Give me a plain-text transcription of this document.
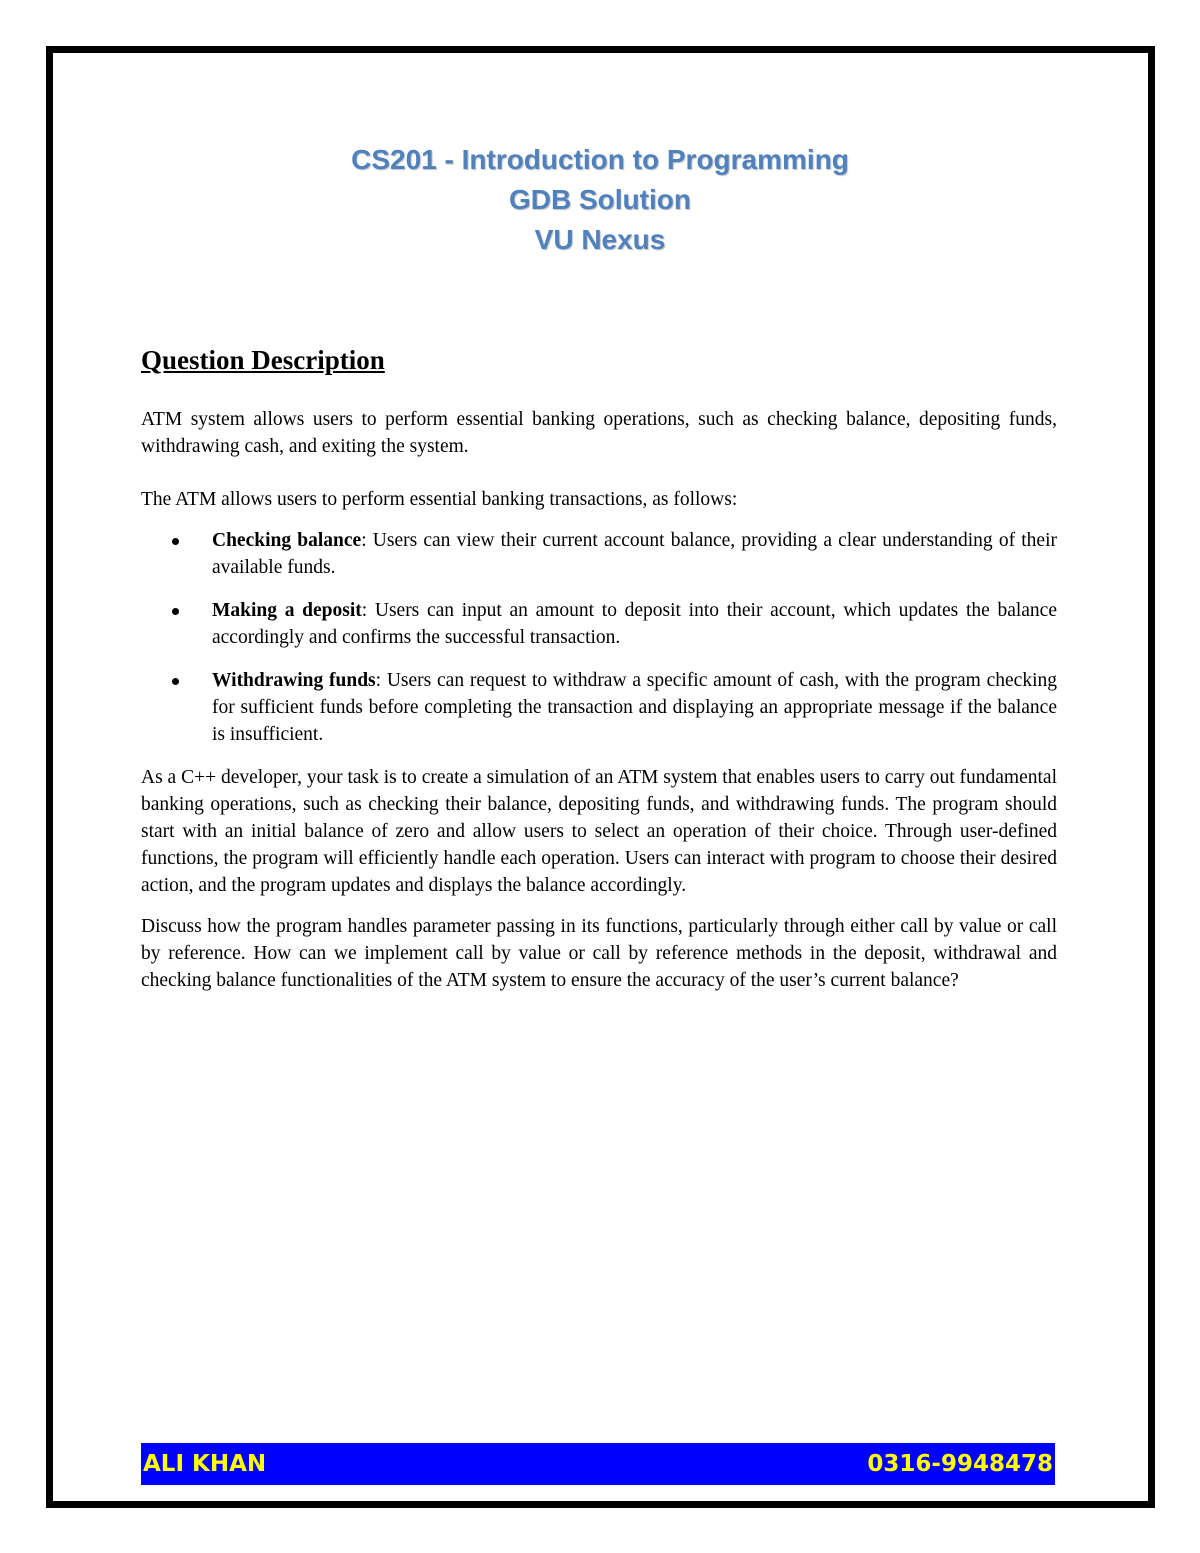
CS201 - Introduction to Programming
GDB Solution
VU Nexus
Question Description

ATM system allows users to perform essential banking operations, such as checking balance, depositing funds, withdrawing cash, and exiting the system.

The ATM allows users to perform essential banking transactions, as follows:

Checking balance: Users can view their current account balance, providing a clear understanding of their available funds.
Making a deposit: Users can input an amount to deposit into their account, which updates the balance accordingly and confirms the successful transaction.
Withdrawing funds: Users can request to withdraw a specific amount of cash, with the program checking for sufficient funds before completing the transaction and displaying an appropriate message if the balance is insufficient.

As a C++ developer, your task is to create a simulation of an ATM system that enables users to carry out fundamental banking operations, such as checking their balance, depositing funds, and withdrawing funds. The program should start with an initial balance of zero and allow users to select an operation of their choice. Through user-defined functions, the program will efficiently handle each operation. Users can interact with program to choose their desired action, and the program updates and displays the balance accordingly.

Discuss how the program handles parameter passing in its functions, particularly through either call by value or call by reference. How can we implement call by value or call by reference methods in the deposit, withdrawal and checking balance functionalities of the ATM system to ensure the accuracy of the user’s current balance?

ALI KHAN	0316-9948478
